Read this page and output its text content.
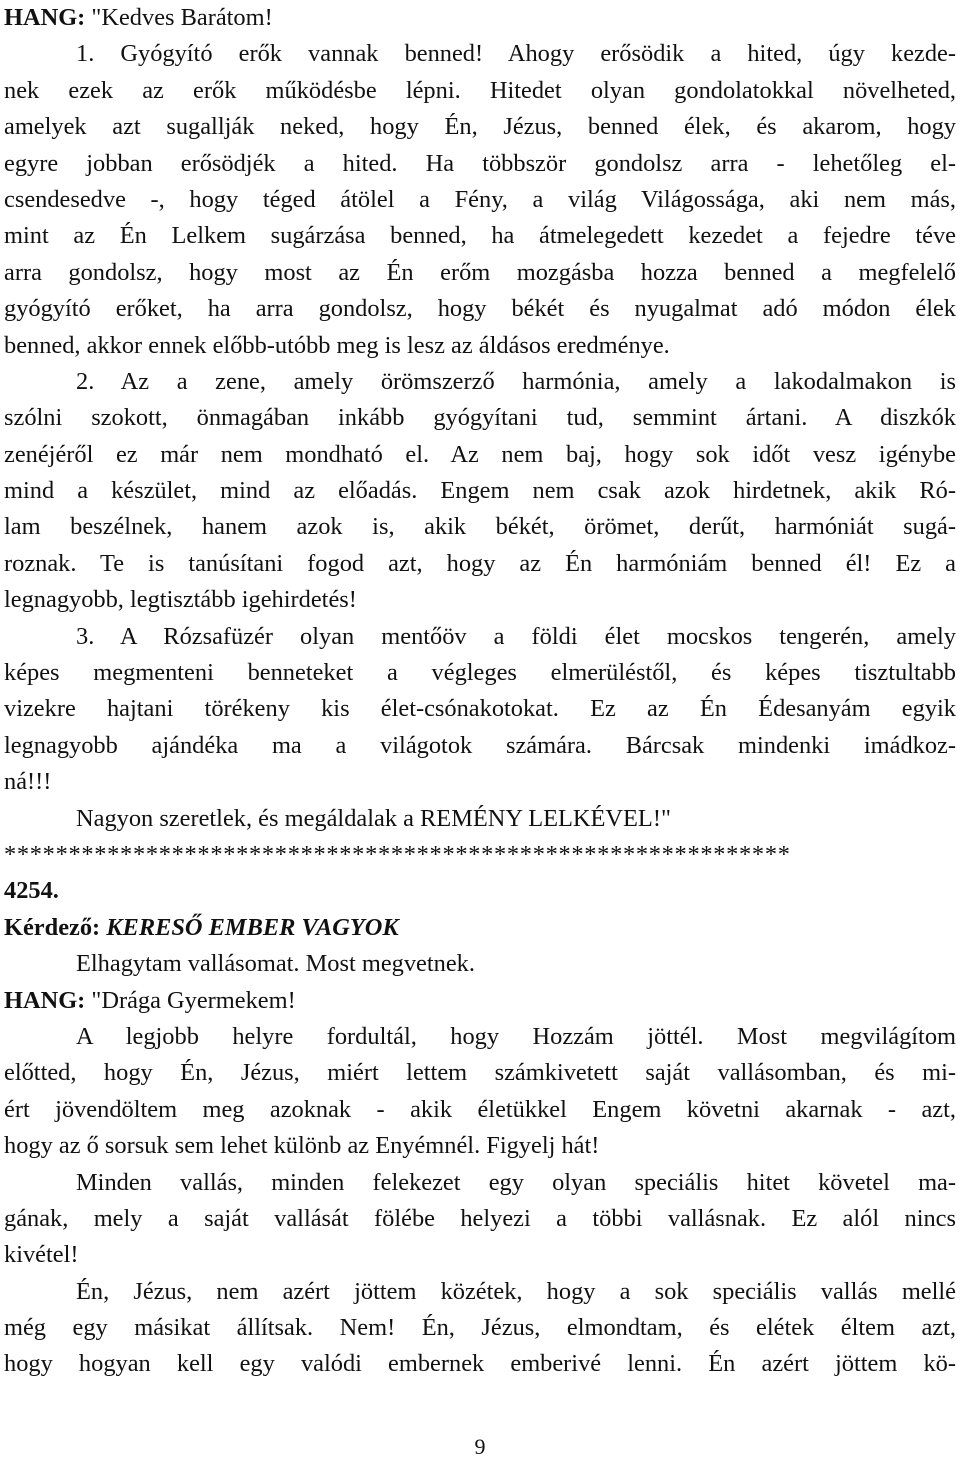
HANG: "Kedves Barátom!
1. Gyógyító erők vannak benned! Ahogy erősödik a hited, úgy kezde-
nek ezek az erők működésbe lépni. Hitedet olyan gondolatokkal növelheted,
amelyek azt sugallják neked, hogy Én, Jézus, benned élek, és akarom, hogy
egyre jobban erősödjék a hited. Ha többször gondolsz arra - lehetőleg el-
csendesedve -, hogy téged átölel a Fény, a világ Világossága, aki nem más,
mint az Én Lelkem sugárzása benned, ha átmelegedett kezedet a fejedre téve
arra gondolsz, hogy most az Én erőm mozgásba hozza benned a megfelelő
gyógyító erőket, ha arra gondolsz, hogy békét és nyugalmat adó módon élek
benned, akkor ennek előbb-utóbb meg is lesz az áldásos eredménye.
2. Az a zene, amely örömszerző harmónia, amely a lakodalmakon is
szólni szokott, önmagában inkább gyógyítani tud, semmint ártani. A diszkók
zenéjéről ez már nem mondható el. Az nem baj, hogy sok időt vesz igénybe
mind a készület, mind az előadás. Engem nem csak azok hirdetnek, akik Ró-
lam beszélnek, hanem azok is, akik békét, örömet, derűt, harmóniát sugá-
roznak. Te is tanúsítani fogod azt, hogy az Én harmóniám benned él! Ez a
legnagyobb, legtisztább igehirdetés!
3. A Rózsafüzér olyan mentőöv a földi élet mocskos tengerén, amely
képes megmenteni benneteket a végleges elmerüléstől, és képes tisztultabb
vizekre hajtani törékeny kis élet-csónakotokat. Ez az Én Édesanyám egyik
legnagyobb ajándéka ma a világotok számára. Bárcsak mindenki imádkoz-
ná!!!
Nagyon szeretlek, és megáldalak a REMÉNY LELKÉVEL!"
*************************************************************
4254.
Kérdező: KERESŐ EMBER VAGYOK
Elhagytam vallásomat. Most megvetnek.
HANG: "Drága Gyermekem!
A legjobb helyre fordultál, hogy Hozzám jöttél. Most megvilágítom
előtted, hogy Én, Jézus, miért lettem számkivetett saját vallásomban, és mi-
ért jövendöltem meg azoknak - akik életükkel Engem követni akarnak - azt,
hogy az ő sorsuk sem lehet különb az Enyémnél. Figyelj hát!
Minden vallás, minden felekezet egy olyan speciális hitet követel ma-
gának, mely a saját vallását fölébe helyezi a többi vallásnak. Ez alól nincs
kivétel!
Én, Jézus, nem azért jöttem közétek, hogy a sok speciális vallás mellé
még egy másikat állítsak. Nem! Én, Jézus, elmondtam, és elétek éltem azt,
hogy hogyan kell egy valódi embernek emberivé lenni. Én azért jöttem kö-
9
